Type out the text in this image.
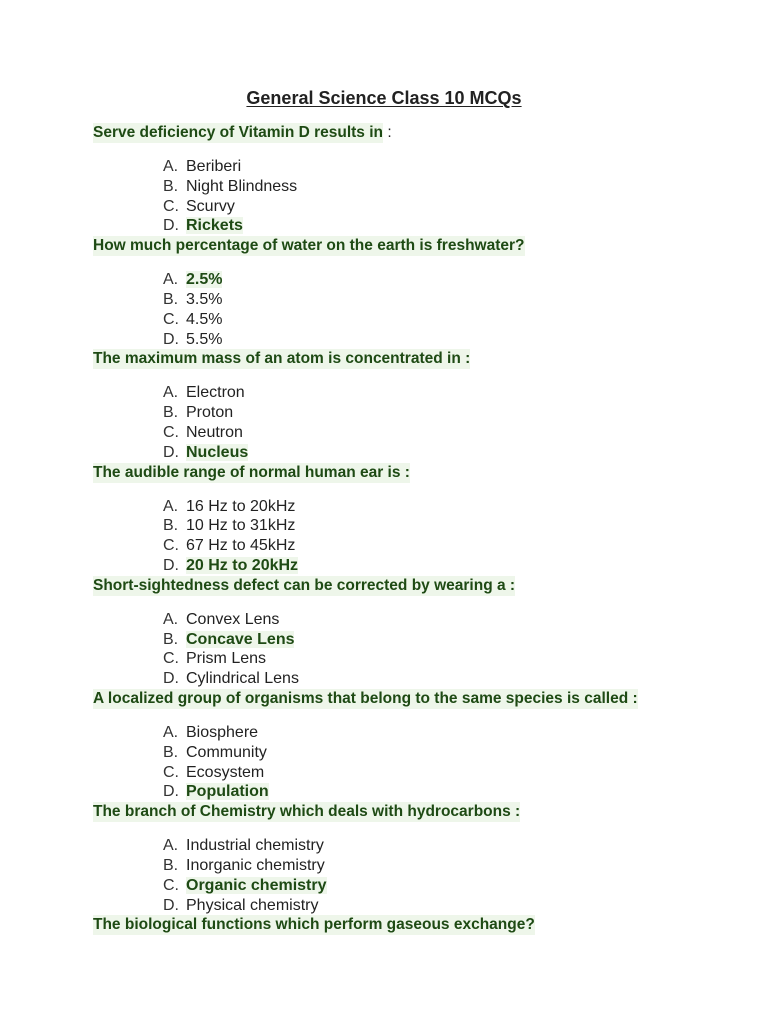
General Science Class 10 MCQs
Serve deficiency of Vitamin D results in :
A. Beriberi
B. Night Blindness
C. Scurvy
D. Rickets
How much percentage of water on the earth is freshwater?
A. 2.5%
B. 3.5%
C. 4.5%
D. 5.5%
The maximum mass of an atom is concentrated in :
A. Electron
B. Proton
C. Neutron
D. Nucleus
The audible range of normal human ear is :
A. 16 Hz to 20kHz
B. 10 Hz to 31kHz
C. 67 Hz to 45kHz
D. 20 Hz to 20kHz
Short-sightedness defect can be corrected by wearing a :
A. Convex Lens
B. Concave Lens
C. Prism Lens
D. Cylindrical Lens
A localized group of organisms that belong to the same species is called :
A. Biosphere
B. Community
C. Ecosystem
D. Population
The branch of Chemistry which deals with hydrocarbons :
A. Industrial chemistry
B. Inorganic chemistry
C. Organic chemistry
D. Physical chemistry
The biological functions which perform gaseous exchange?
